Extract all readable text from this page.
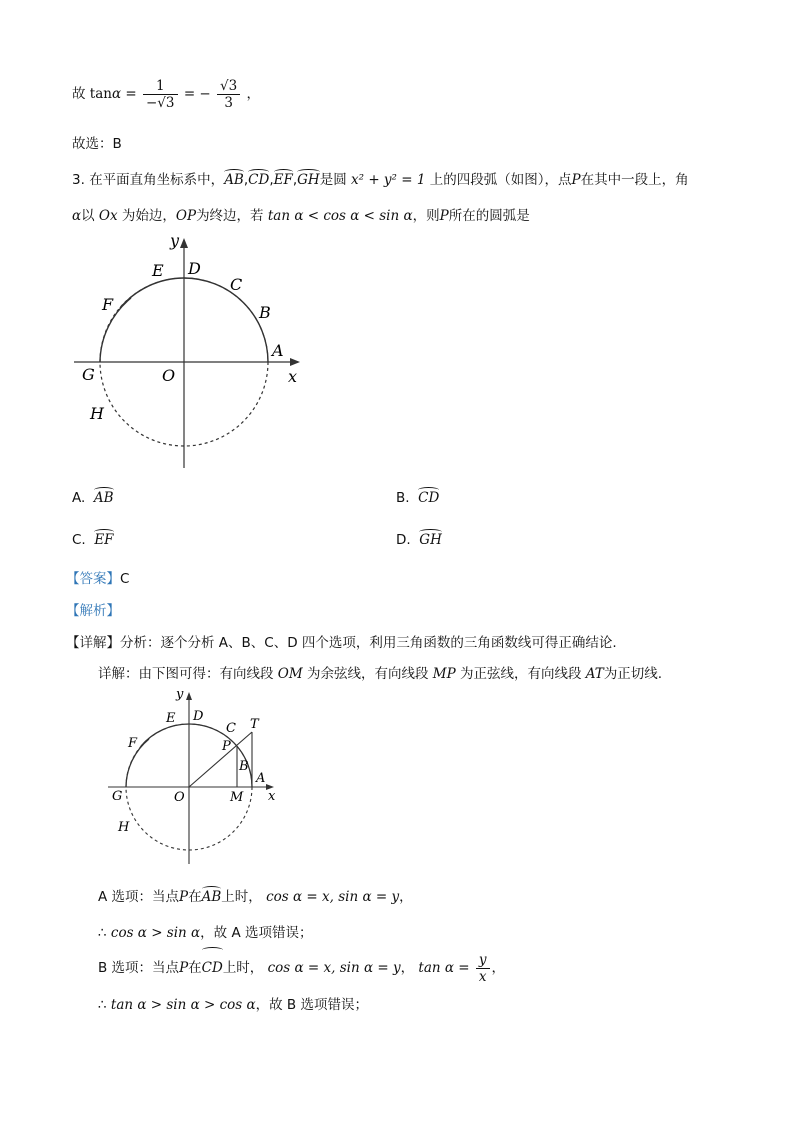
故 $\tan\alpha = \frac{1}{-√3}$ = − $\frac{√3}{3}$ ，
故选：B
3. 在平面直角坐标系中，AB,CD,EF,GH是圆 x² + y² = 1 上的四段弧（如图），点P在其中一段上，角
α以 Ox 为始边，OP为终边，若 tan α < cos α < sin α，则P所在的圆弧是
y
x
O
A
B
C
D
E
F
G
H
A. AB	B. CD
C. EF	D. GH
【答案】C
【解析】
【详解】分析：逐个分析 A、B、C、D 四个选项，利用三角函数的三角函数线可得正确结论.
详解：由下图可得：有向线段 OM 为余弦线，有向线段 MP 为正弦线，有向线段 AT为正切线.
y
x
O
A
B
C
D
E
F
G
H
P
T
M
A 选项：当点P在AB上时， cos α = x, sin α = y，
∴ cos α > sin α，故 A 选项错误；
B 选项：当点P在CD上时， cos α = x, sin α = y， $\tan \alpha = \frac{y}{x}$ ，
∴ tan α > sin α > cos α，故 B 选项错误；
